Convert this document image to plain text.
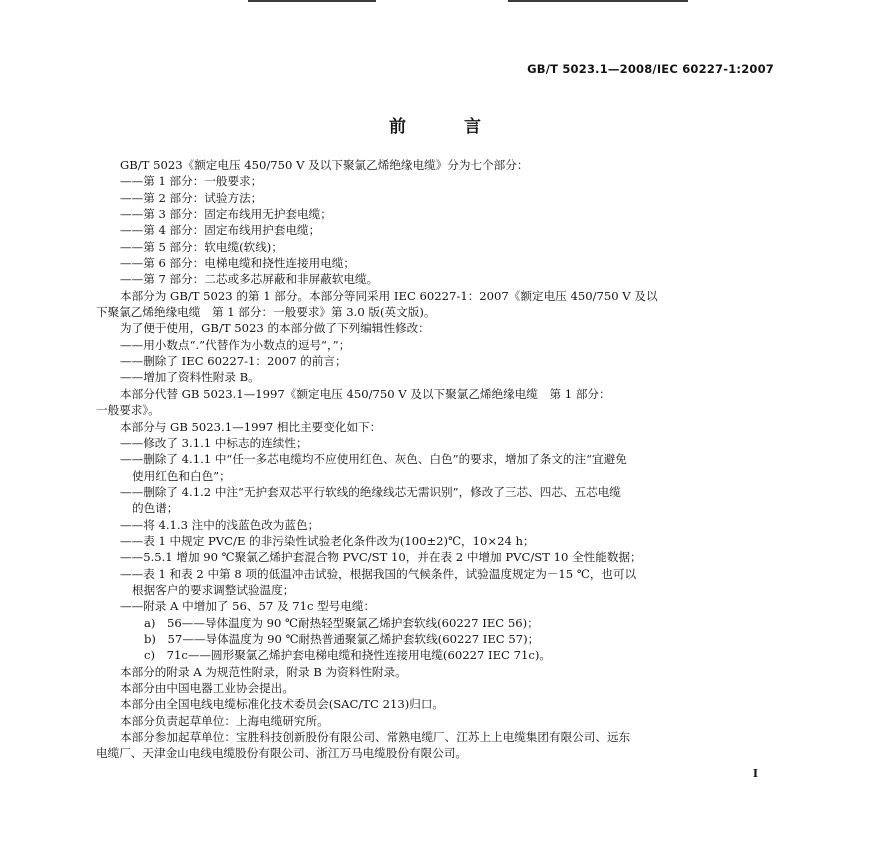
GB/T 5023.1—2008/IEC 60227-1:2007
前 言
GB/T 5023《额定电压 450/750 V 及以下聚氯乙烯绝缘电缆》分为七个部分：
——第 1 部分：一般要求；
——第 2 部分：试验方法；
——第 3 部分：固定布线用无护套电缆；
——第 4 部分：固定布线用护套电缆；
——第 5 部分：软电缆(软线)；
——第 6 部分：电梯电缆和挠性连接用电缆；
——第 7 部分：二芯或多芯屏蔽和非屏蔽软电缆。
本部分为 GB/T 5023 的第 1 部分。本部分等同采用 IEC 60227-1：2007《额定电压 450/750 V 及以
下聚氯乙烯绝缘电缆　第 1 部分：一般要求》第 3.0 版(英文版)。
为了便于使用，GB/T 5023 的本部分做了下列编辑性修改：
——用小数点“.”代替作为小数点的逗号“，”；
——删除了 IEC 60227-1：2007 的前言；
——增加了资料性附录 B。
本部分代替 GB 5023.1—1997《额定电压 450/750 V 及以下聚氯乙烯绝缘电缆　第 1 部分：
一般要求》。
本部分与 GB 5023.1—1997 相比主要变化如下：
——修改了 3.1.1 中标志的连续性；
——删除了 4.1.1 中“任一多芯电缆均不应使用红色、灰色、白色”的要求，增加了条文的注“宜避免
使用红色和白色”；
——删除了 4.1.2 中注“无护套双芯平行软线的绝缘线芯无需识别”，修改了三芯、四芯、五芯电缆
的色谱；
——将 4.1.3 注中的浅蓝色改为蓝色；
——表 1 中规定 PVC/E 的非污染性试验老化条件改为(100±2)℃，10×24 h；
——5.5.1 增加 90 ℃聚氯乙烯护套混合物 PVC/ST 10，并在表 2 中增加 PVC/ST 10 全性能数据；
——表 1 和表 2 中第 8 项的低温冲击试验，根据我国的气候条件，试验温度规定为－15 ℃，也可以
根据客户的要求调整试验温度；
——附录 A 中增加了 56、57 及 71c 型号电缆：
a)　56——导体温度为 90 ℃耐热轻型聚氯乙烯护套软线(60227 IEC 56)；
b)　57——导体温度为 90 ℃耐热普通聚氯乙烯护套软线(60227 IEC 57)；
c)　71c——圆形聚氯乙烯护套电梯电缆和挠性连接用电缆(60227 IEC 71c)。
本部分的附录 A 为规范性附录，附录 B 为资料性附录。
本部分由中国电器工业协会提出。
本部分由全国电线电缆标准化技术委员会(SAC/TC 213)归口。
本部分负责起草单位：上海电缆研究所。
本部分参加起草单位：宝胜科技创新股份有限公司、常熟电缆厂、江苏上上电缆集团有限公司、远东
电缆厂、天津金山电线电缆股份有限公司、浙江万马电缆股份有限公司。
I
